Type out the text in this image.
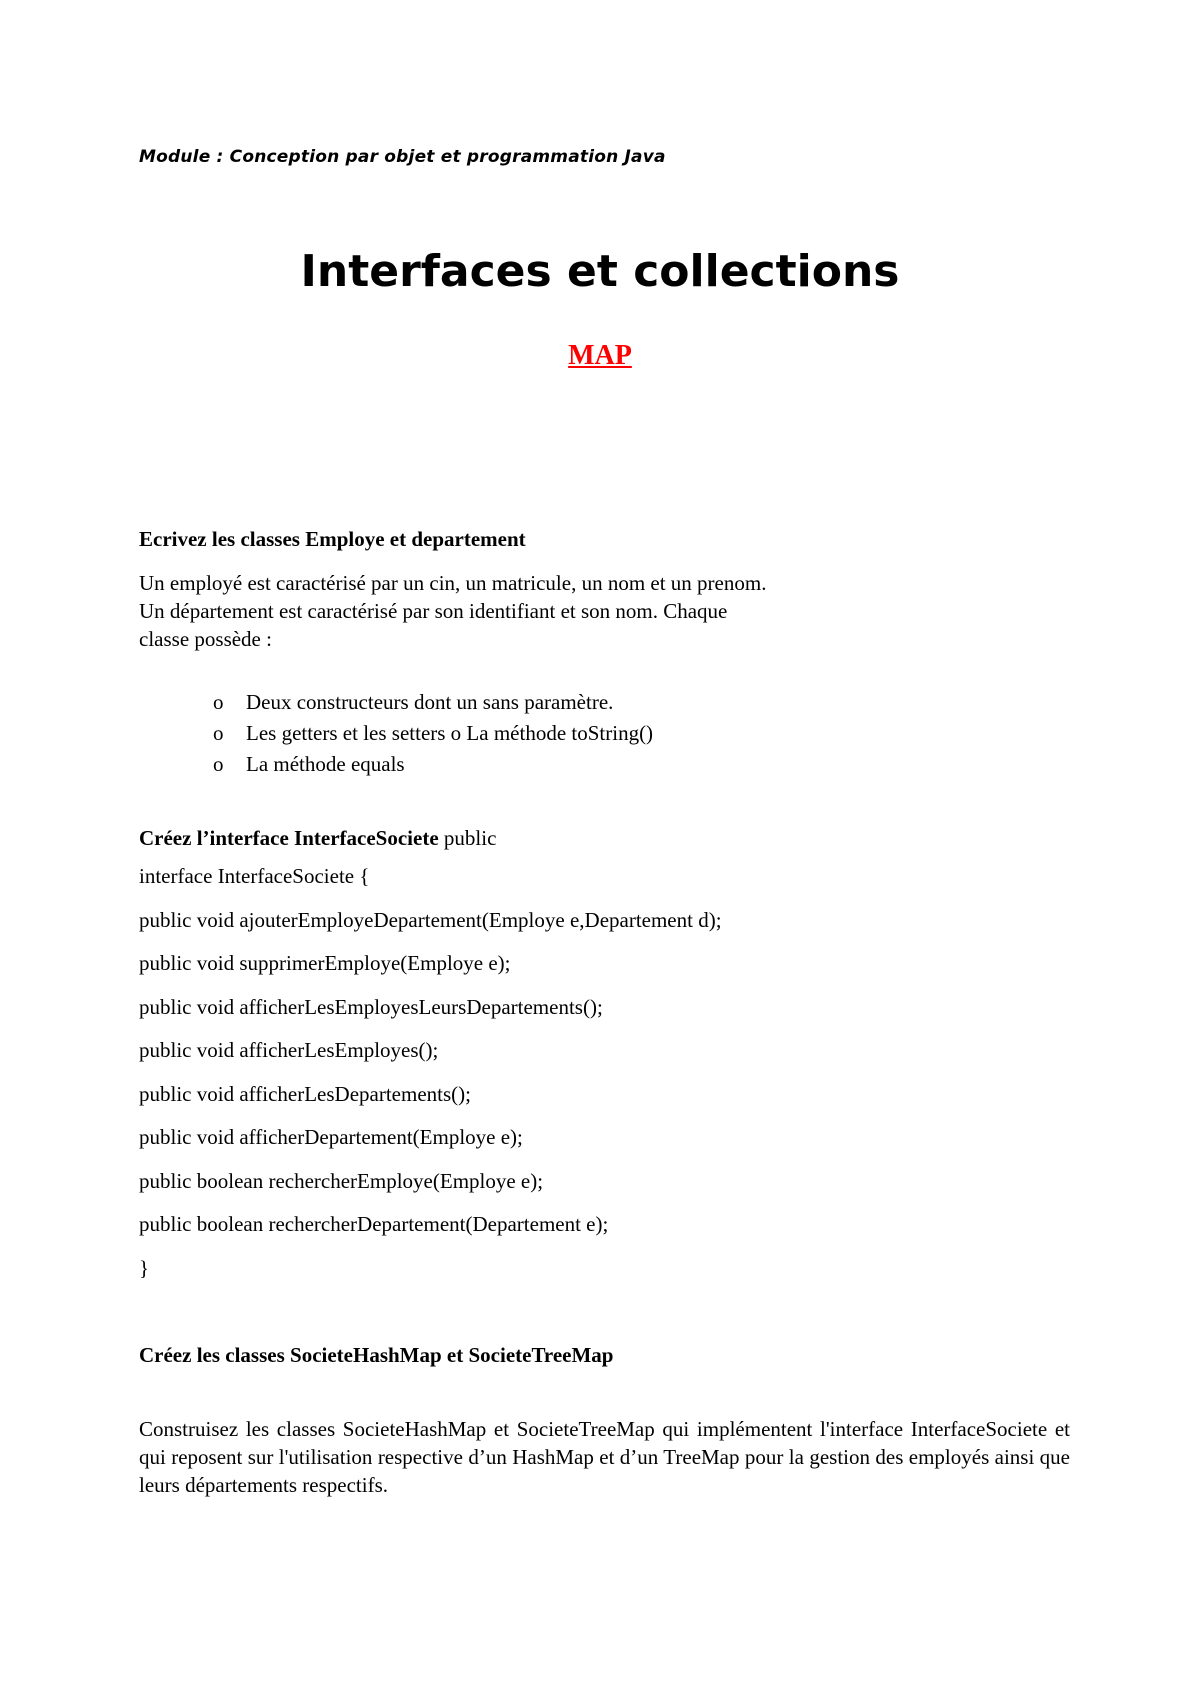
Module : Conception par objet et programmation Java
Interfaces et collections
MAP
Ecrivez les classes Employe et departement
Un employé est caractérisé par un cin, un matricule, un nom et un prenom.
Un département est caractérisé par son identifiant et son nom. Chaque
classe possède :
o Deux constructeurs dont un sans paramètre.
o Les getters et les setters o La méthode toString()
o La méthode equals
Créez l’interface InterfaceSociete public
interface InterfaceSociete {
public void ajouterEmployeDepartement(Employe e,Departement d);
public void supprimerEmploye(Employe e);
public void afficherLesEmployesLeursDepartements();
public void afficherLesEmployes();
public void afficherLesDepartements();
public void afficherDepartement(Employe e);
public boolean rechercherEmploye(Employe e);
public boolean rechercherDepartement(Departement e);
}
Créez les classes SocieteHashMap et SocieteTreeMap
Construisez les classes SocieteHashMap et SocieteTreeMap qui implémentent l'interface InterfaceSociete et qui reposent sur l'utilisation respective d’un HashMap et d’un TreeMap pour la gestion des employés ainsi que leurs départements respectifs.
